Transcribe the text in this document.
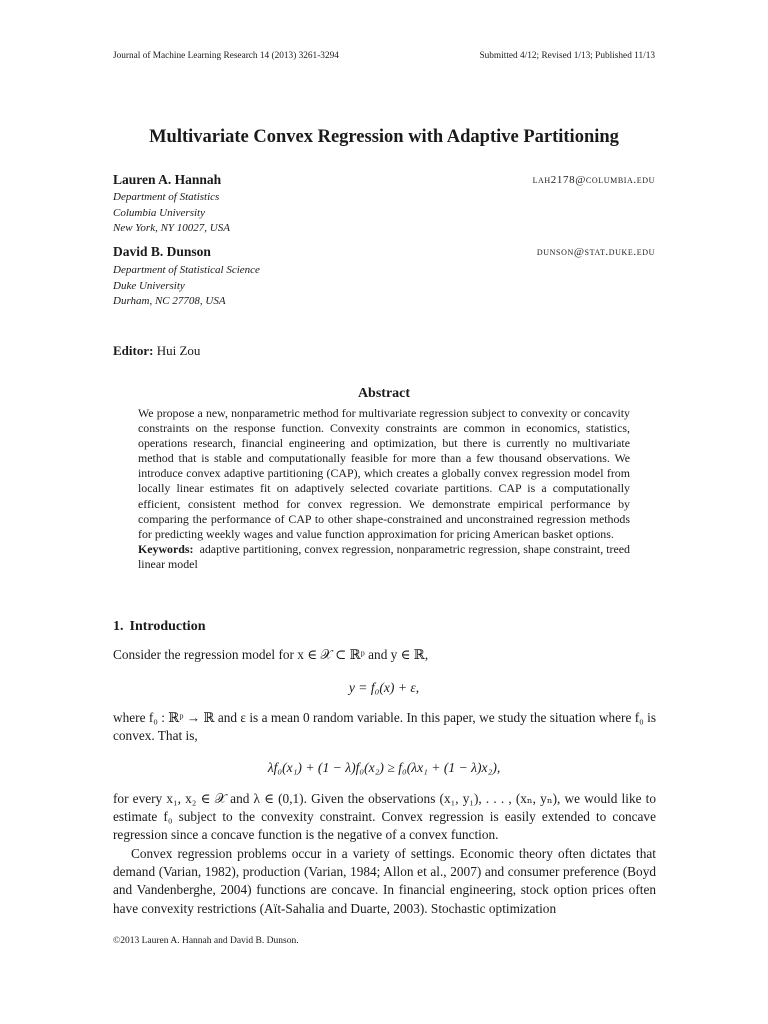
Journal of Machine Learning Research 14 (2013) 3261-3294	Submitted 4/12; Revised 1/13; Published 11/13
Multivariate Convex Regression with Adaptive Partitioning
Lauren A. Hannah	lah2178@columbia.edu
Department of Statistics
Columbia University
New York, NY 10027, USA
David B. Dunson	dunson@stat.duke.edu
Department of Statistical Science
Duke University
Durham, NC 27708, USA
Editor: Hui Zou
Abstract
We propose a new, nonparametric method for multivariate regression subject to convexity or concavity constraints on the response function. Convexity constraints are common in economics, statistics, operations research, financial engineering and optimization, but there is currently no multivariate method that is stable and computationally feasible for more than a few thousand observations. We introduce convex adaptive partitioning (CAP), which creates a globally convex regression model from locally linear estimates fit on adaptively selected covariate partitions. CAP is a computationally efficient, consistent method for convex regression. We demonstrate empirical performance by comparing the performance of CAP to other shape-constrained and unconstrained regression methods for predicting weekly wages and value function approximation for pricing American basket options.
Keywords: adaptive partitioning, convex regression, nonparametric regression, shape constraint, treed linear model
1. Introduction
Consider the regression model for x ∈ 𝒳 ⊂ ℝᵖ and y ∈ ℝ,
y = f₀(x) + ε,
where f₀ : ℝᵖ → ℝ and ε is a mean 0 random variable. In this paper, we study the situation where f₀ is convex. That is,
λf₀(x₁) + (1 − λ)f₀(x₂) ≥ f₀(λx₁ + (1 − λ)x₂),
for every x₁, x₂ ∈ 𝒳 and λ ∈ (0,1). Given the observations (x₁, y₁), . . . , (xₙ, yₙ), we would like to estimate f₀ subject to the convexity constraint. Convex regression is easily extended to concave regression since a concave function is the negative of a convex function.
Convex regression problems occur in a variety of settings. Economic theory often dictates that demand (Varian, 1982), production (Varian, 1984; Allon et al., 2007) and consumer preference (Boyd and Vandenberghe, 2004) functions are concave. In financial engineering, stock option prices often have convexity restrictions (Aït-Sahalia and Duarte, 2003). Stochastic optimization
©2013 Lauren A. Hannah and David B. Dunson.
